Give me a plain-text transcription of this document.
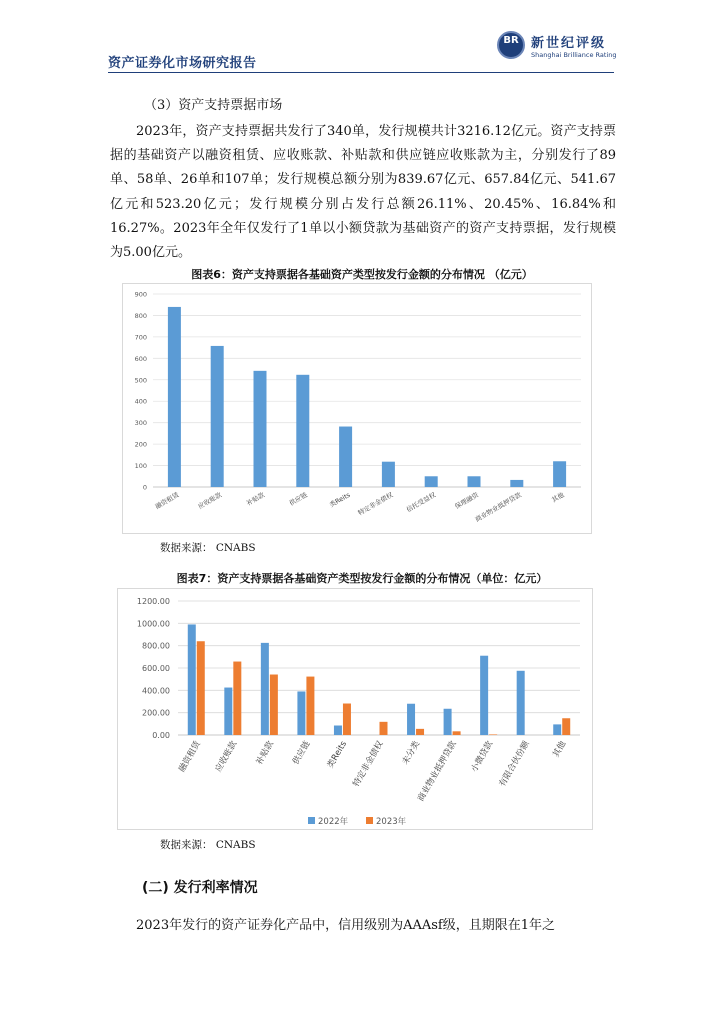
资产证券化市场研究报告
BR 新世纪评级
Shanghai Brilliance Rating
（3）资产支持票据市场

2023年，资产支持票据共发行了340单，发行规模共计3216.12亿元。资产支持票据的基础资产以融资租赁、应收账款、补贴款和供应链应收账款为主，分别发行了89单、58单、26单和107单；发行规模总额分别为839.67亿元、657.84亿元、541.67亿元和523.20亿元；发行规模分别占发行总额26.11%、20.45%、16.84%和16.27%。2023年全年仅发行了1单以小额贷款为基础资产的资产支持票据，发行规模为5.00亿元。

图表6：资产支持票据各基础资产类型按发行金额的分布情况 （亿元）
0
100
200
300
400
500
600
700
800
900
融资租赁	应收账款	补贴款	供应链	类Reits 特定非金债权 信托受益权	保理融资
商业物业抵押贷款	其他
数据来源： CNABS
图表7：资产支持票据各基础资产类型按发行金额的分布情况（单位：亿元）
0.00
200.00
400.00
600.00
800.00
1000.00
1200.00
融资租赁 应收账款 补贴款 供应链 类Reits 特定非金债权 未分类
商业物业抵押贷款 小微贷款 有限合伙份额 其他
2022年	2023年
数据来源： CNABS
(二) 发行利率情况

2023年发行的资产证券化产品中，信用级别为AAAsf级，且期限在1年之
